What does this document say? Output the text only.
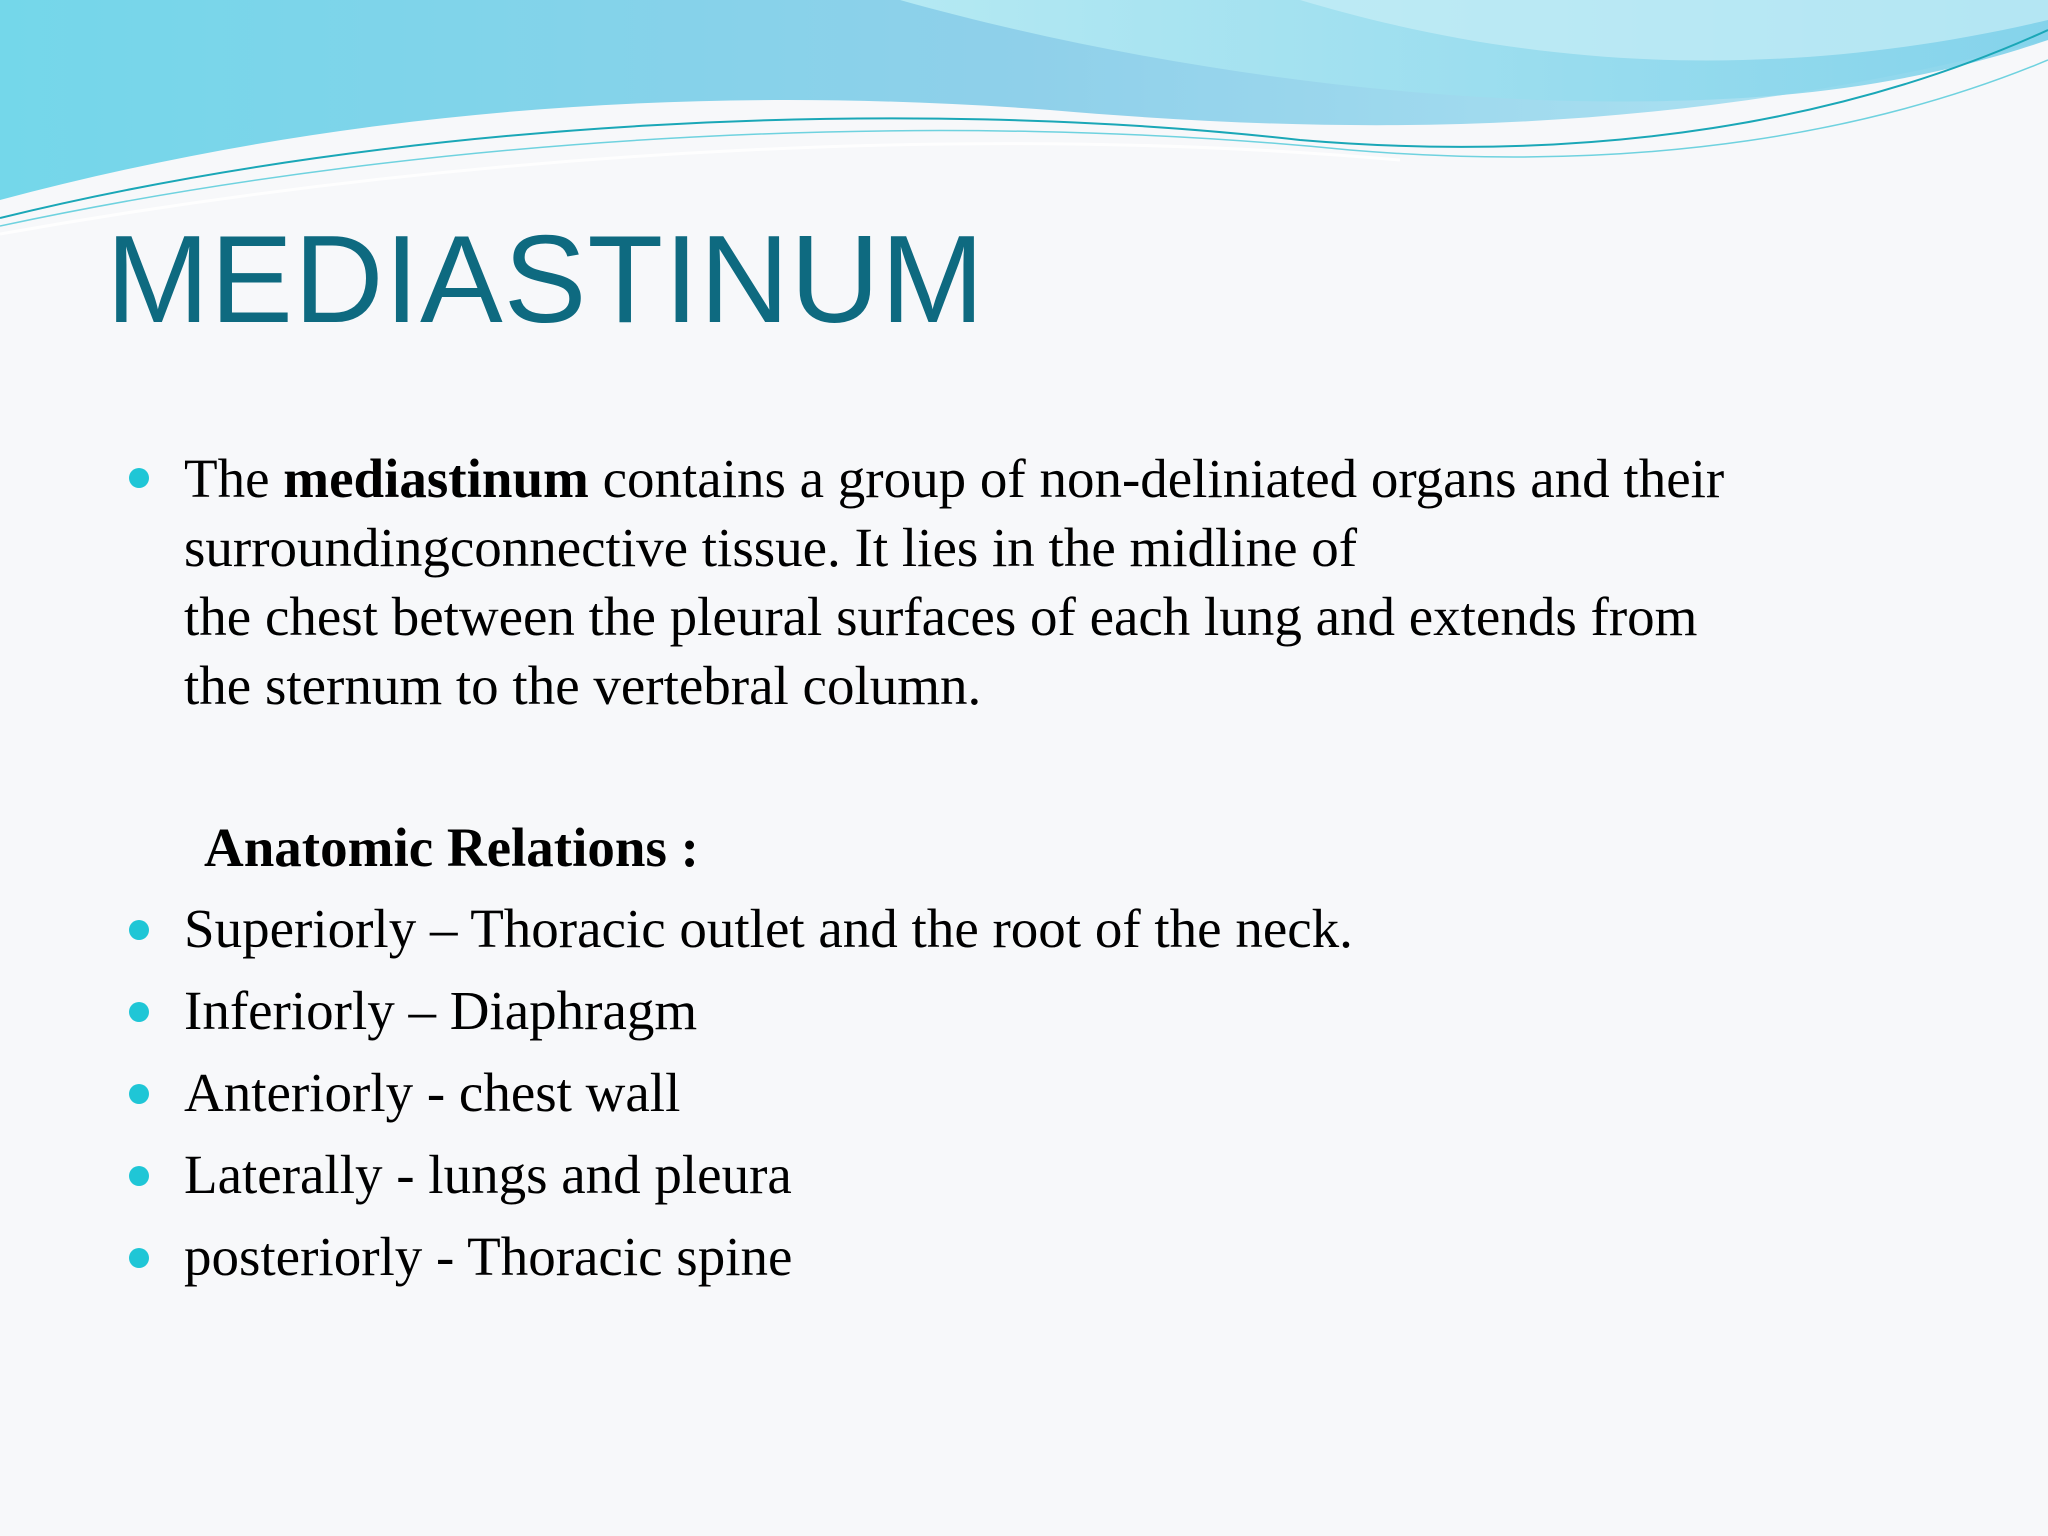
MEDIASTINUM
The mediastinum contains a group of non-deliniated organs and their
surroundingconnective tissue. It lies in the midline of
the chest between the pleural surfaces of each lung and extends from
the sternum to the vertebral column.
Anatomic Relations :
Superiorly – Thoracic outlet and the root of the neck.
Inferiorly – Diaphragm
Anteriorly - chest wall
Laterally - lungs and pleura
posteriorly - Thoracic spine
